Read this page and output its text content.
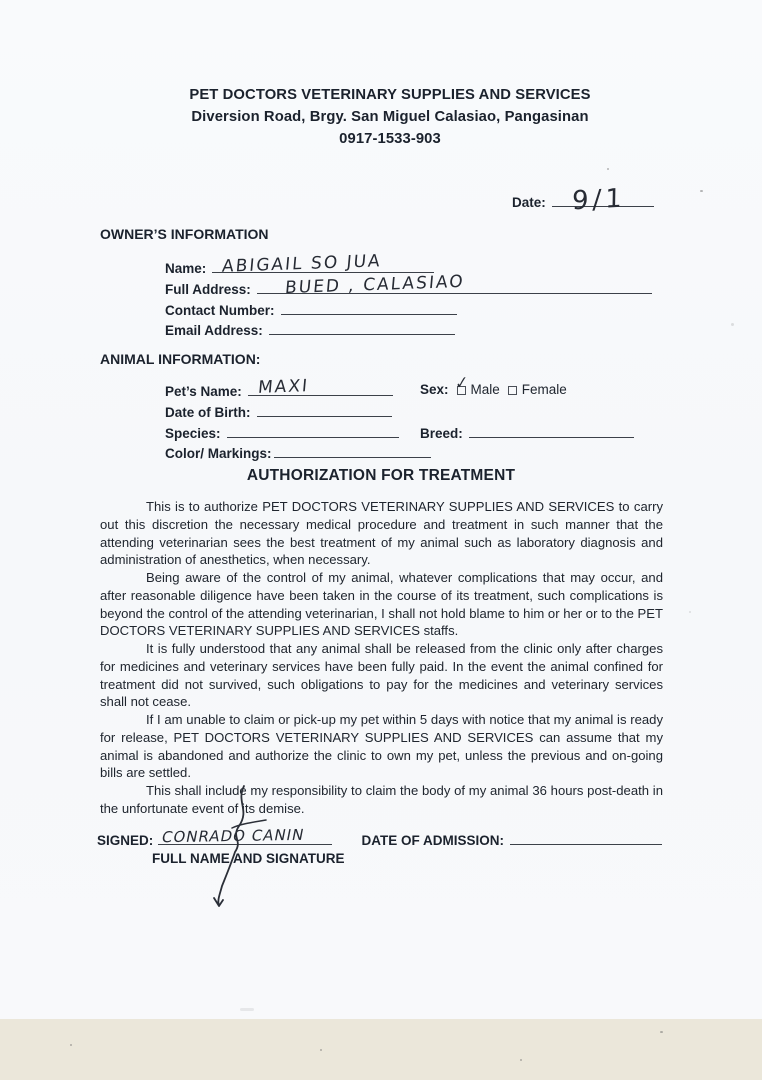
PET DOCTORS VETERINARY SUPPLIES AND SERVICES
Diversion Road, Brgy. San Miguel Calasiao, Pangasinan
0917-1533-903
Date: 9/1
OWNER’S INFORMATION
Name: ABIGAIL SO JUA
Full Address: BUED , CALASIAO
Contact Number:
Email Address:
ANIMAL INFORMATION:
Pet’s Name: MAXI	Sex: ✓ Male Female
Date of Birth:
Species:	Breed:
Color/ Markings:
AUTHORIZATION FOR TREATMENT

This is to authorize PET DOCTORS VETERINARY SUPPLIES AND SERVICES to carry out this discretion the necessary medical procedure and treatment in such manner that the attending veterinarian sees the best treatment of my animal such as laboratory diagnosis and administration of anesthetics, when necessary.

Being aware of the control of my animal, whatever complications that may occur, and after reasonable diligence have been taken in the course of its treatment, such complications is beyond the control of the attending veterinarian, I shall not hold blame to him or her or to the PET DOCTORS VETERINARY SUPPLIES AND SERVICES staffs.

It is fully understood that any animal shall be released from the clinic only after charges for medicines and veterinary services have been fully paid. In the event the animal confined for treatment did not survived, such obligations to pay for the medicines and veterinary services shall not cease.

If I am unable to claim or pick-up my pet within 5 days with notice that my animal is ready for release, PET DOCTORS VETERINARY SUPPLIES AND SERVICES can assume that my animal is abandoned and authorize the clinic to own my pet, unless the previous and on-going bills are settled.

This shall include my responsibility to claim the body of my animal 36 hours post-death in the unfortunate event of its demise.

SIGNED: CONRADO CANIN	DATE OF ADMISSION:
FULL NAME AND SIGNATURE
